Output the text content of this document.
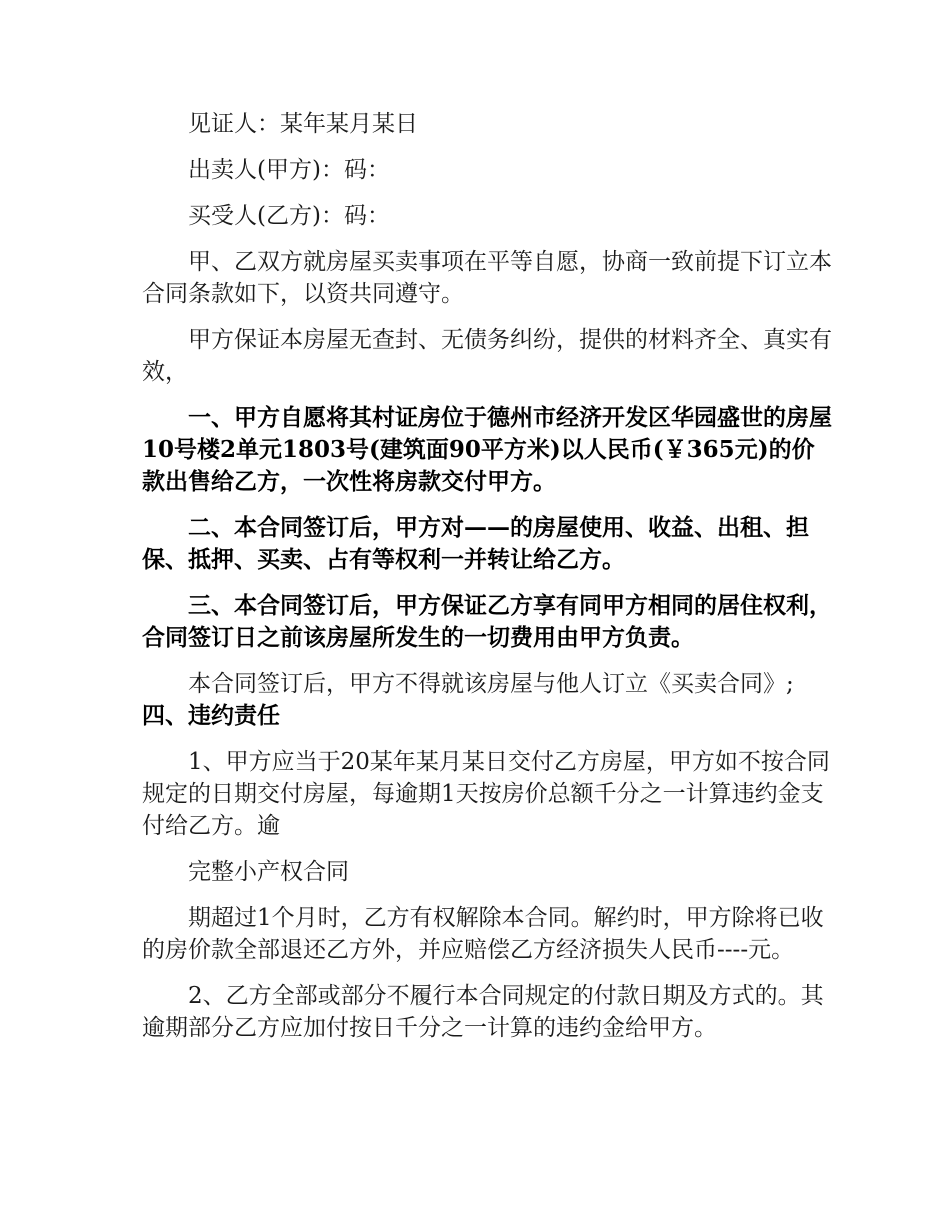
见证人：某年某月某日

出卖人(甲方)：码：

买受人(乙方)：码：

甲、乙双方就房屋买卖事项在平等自愿，协商一致前提下订立本合同条款如下，以资共同遵守。

甲方保证本房屋无查封、无债务纠纷，提供的材料齐全、真实有效，

一、甲方自愿将其村证房位于德州市经济开发区华园盛世的房屋10号楼2单元1803号(建筑面90平方米)以人民币(￥365元)的价款出售给乙方，一次性将房款交付甲方。

二、本合同签订后，甲方对——的房屋使用、收益、出租、担保、抵押、买卖、占有等权利一并转让给乙方。

三、本合同签订后，甲方保证乙方享有同甲方相同的居住权利，合同签订日之前该房屋所发生的一切费用由甲方负责。

本合同签订后，甲方不得就该房屋与他人订立《买卖合同》;四、违约责任

1、甲方应当于20某年某月某日交付乙方房屋，甲方如不按合同规定的日期交付房屋，每逾期1天按房价总额千分之一计算违约金支付给乙方。逾

完整小产权合同

期超过1个月时，乙方有权解除本合同。解约时，甲方除将已收的房价款全部退还乙方外，并应赔偿乙方经济损失人民币----元。

2、乙方全部或部分不履行本合同规定的付款日期及方式的。其逾期部分乙方应加付按日千分之一计算的违约金给甲方。
